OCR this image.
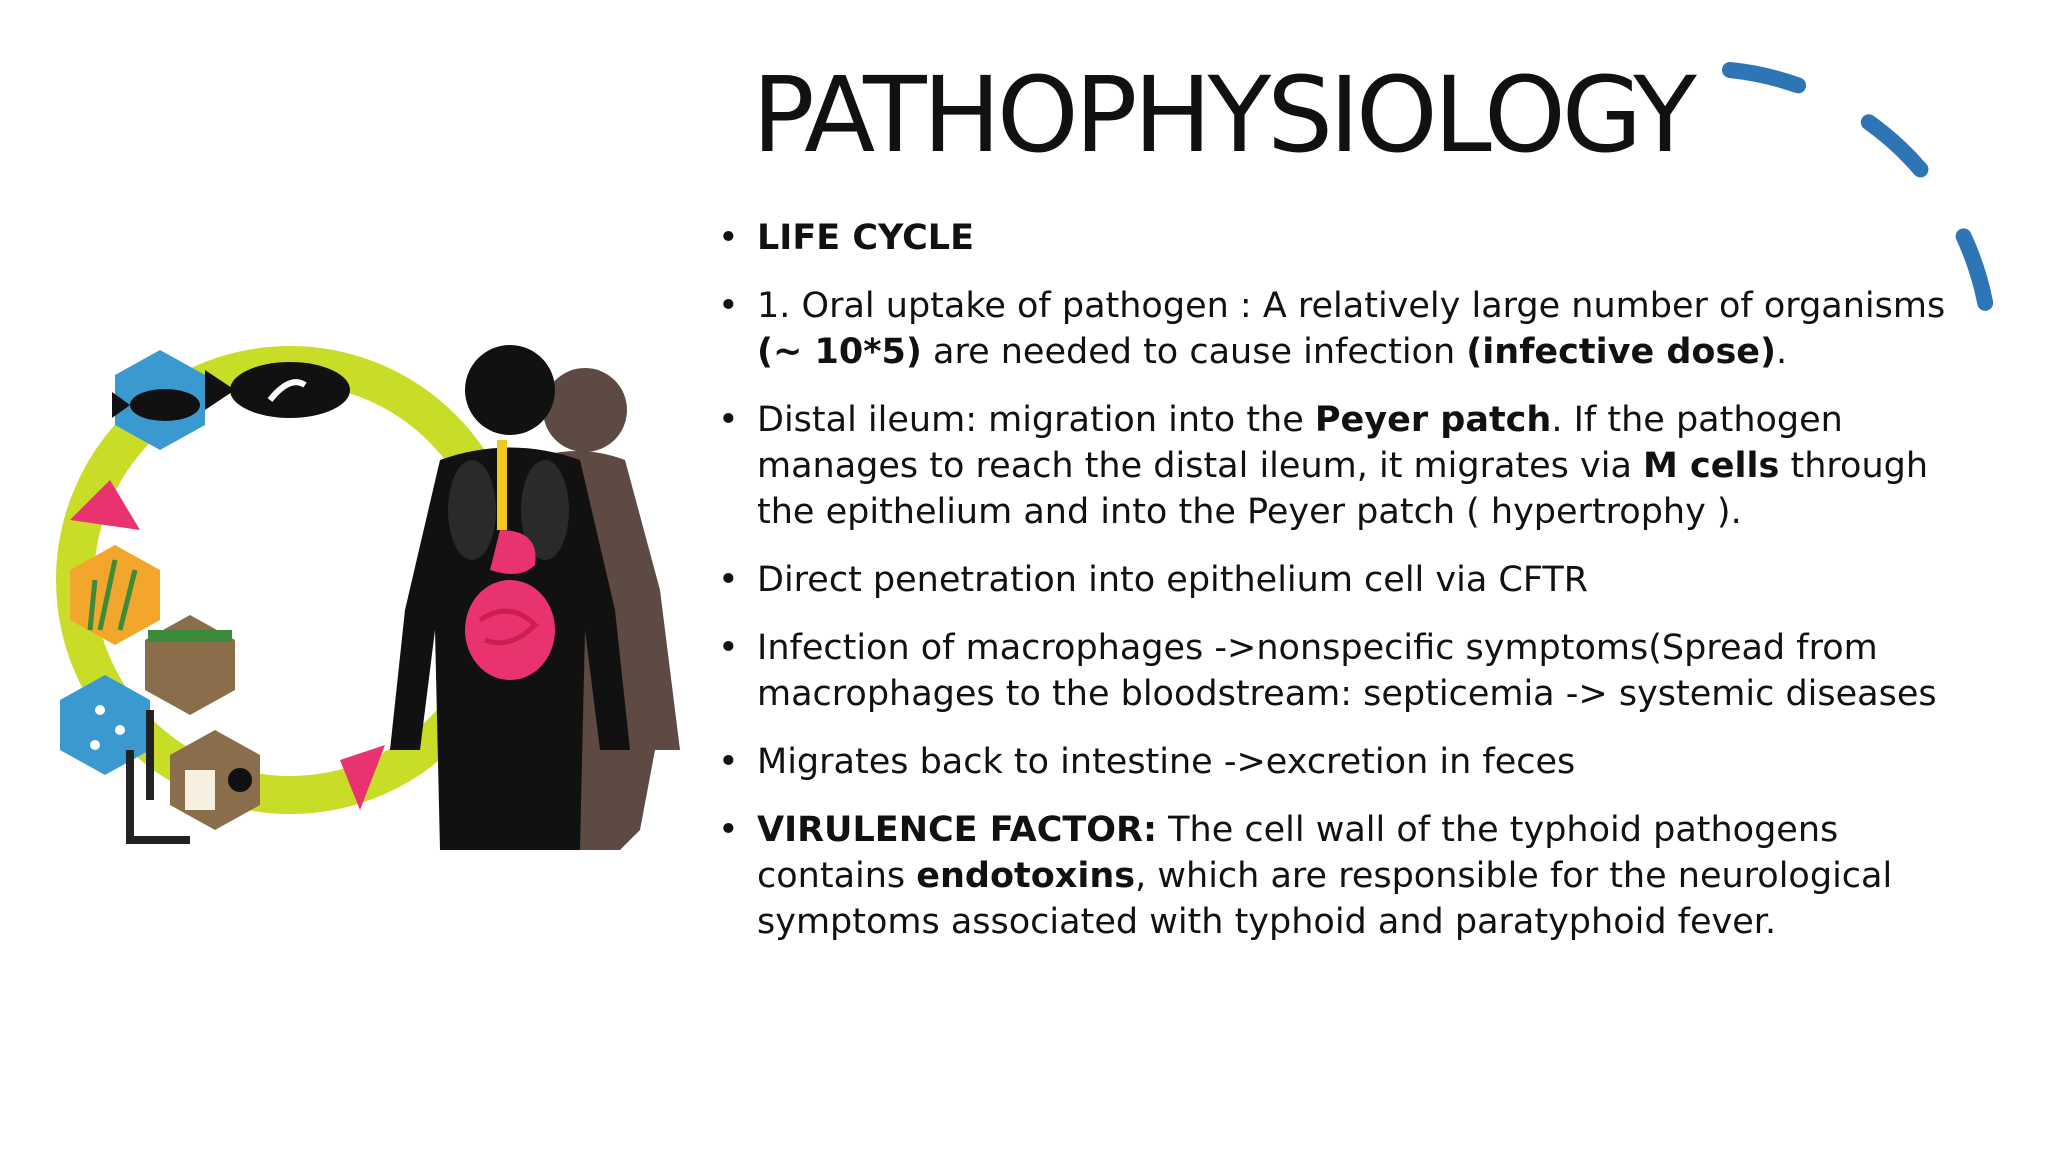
PATHOPHYSIOLOGY
• LIFE CYCLE
• 1. Oral uptake of pathogen : A relatively large number of organisms (~ 10*5) are needed to cause infection (infective dose).
• Distal ileum: migration into the Peyer patch. If the pathogen manages to reach the distal ileum, it migrates via M cells through the epithelium and into the Peyer patch ( hypertrophy ).
• Direct penetration into epithelium cell via CFTR
• Infection of macrophages ->nonspecific symptoms(Spread from macrophages to the bloodstream: septicemia -> systemic diseases
• Migrates back to intestine ->excretion in feces
• VIRULENCE FACTOR: The cell wall of the typhoid pathogens contains endotoxins, which are responsible for the neurological symptoms associated with typhoid and paratyphoid fever.
